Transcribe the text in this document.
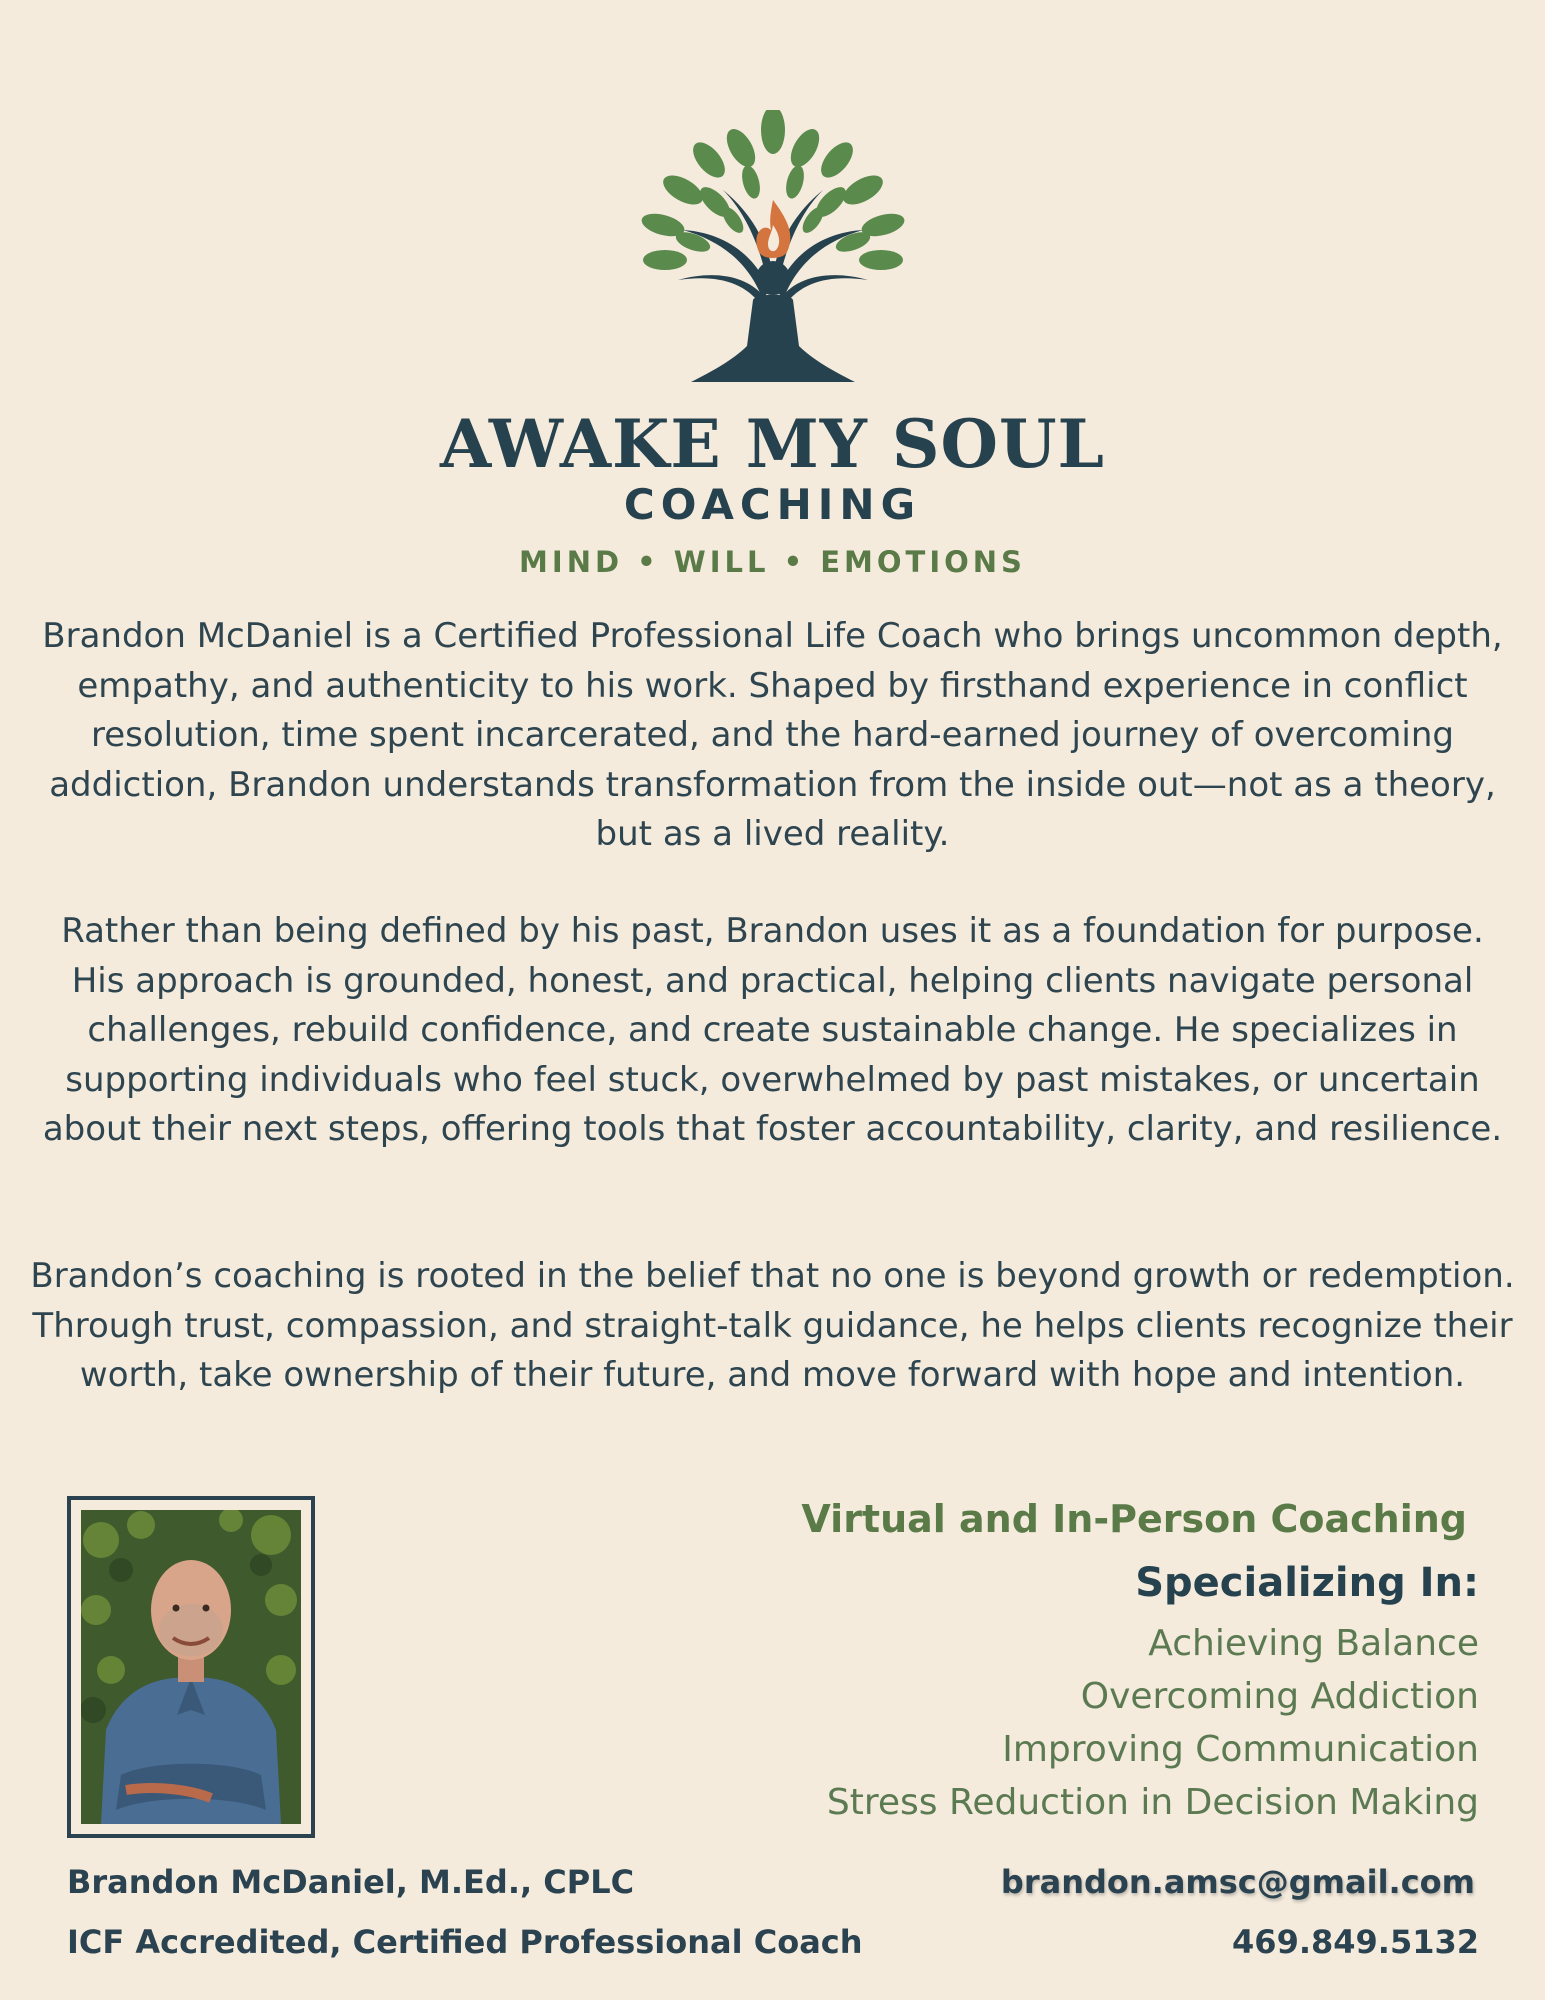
AWAKE MY SOUL
COACHING
MIND • WILL • EMOTIONS

Brandon McDaniel is a Certified Professional Life Coach who brings uncommon depth, empathy, and authenticity to his work. Shaped by firsthand experience in conflict resolution, time spent incarcerated, and the hard-earned journey of overcoming addiction, Brandon understands transformation from the inside out—not as a theory, but as a lived reality.

Rather than being defined by his past, Brandon uses it as a foundation for purpose. His approach is grounded, honest, and practical, helping clients navigate personal challenges, rebuild confidence, and create sustainable change. He specializes in supporting individuals who feel stuck, overwhelmed by past mistakes, or uncertain about their next steps, offering tools that foster accountability, clarity, and resilience.

Brandon’s coaching is rooted in the belief that no one is beyond growth or redemption. Through trust, compassion, and straight-talk guidance, he helps clients recognize their worth, take ownership of their future, and move forward with hope and intention.

Virtual and In-Person Coaching
Specializing In:
Achieving Balance
Overcoming Addiction
Improving Communication
Stress Reduction in Decision Making
Brandon McDaniel, M.Ed., CPLC
ICF Accredited, Certified Professional Coach
brandon.amsc@gmail.com
469.849.5132
